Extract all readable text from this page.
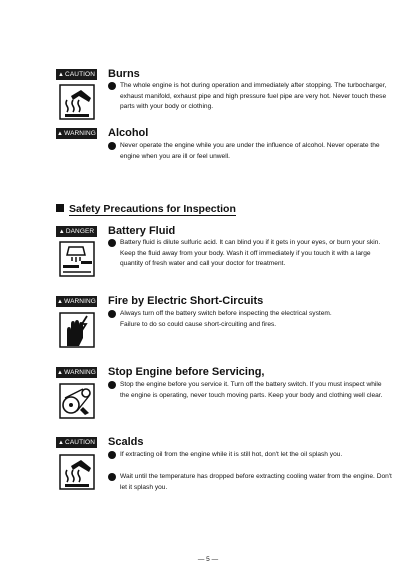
▲CAUTION Burns
The whole engine is hot during operation and immediately after stopping. The turbocharger, exhaust manifold, exhaust pipe and high pressure fuel pipe are very hot. Never touch these parts with your body or clothing.
▲WARNING Alcohol
Never operate the engine while you are under the influence of alcohol. Never operate the engine when you are ill or feel unwell.
Safety Precautions for Inspection
▲DANGER Battery Fluid
Battery fluid is dilute sulfuric acid. It can blind you if it gets in your eyes, or burn your skin. Keep the fluid away from your body. Wash it off immediately if you touch it with a large quantity of fresh water and call your doctor for treatment.
▲WARNING Fire by Electric Short-Circuits
Always turn off the battery switch before inspecting the electrical system.
Failure to do so could cause short-circuiting and fires.
▲WARNING Stop Engine before Servicing,
Stop the engine before you service it. Turn off the battery switch. If you must inspect while the engine is operating, never touch moving parts. Keep your body and clothing well clear.
▲CAUTION Scalds
If extracting oil from the engine while it is still hot, don't let the oil splash you.
Wait until the temperature has dropped before extracting cooling water from the engine. Don't let it splash you.
— 5 —
